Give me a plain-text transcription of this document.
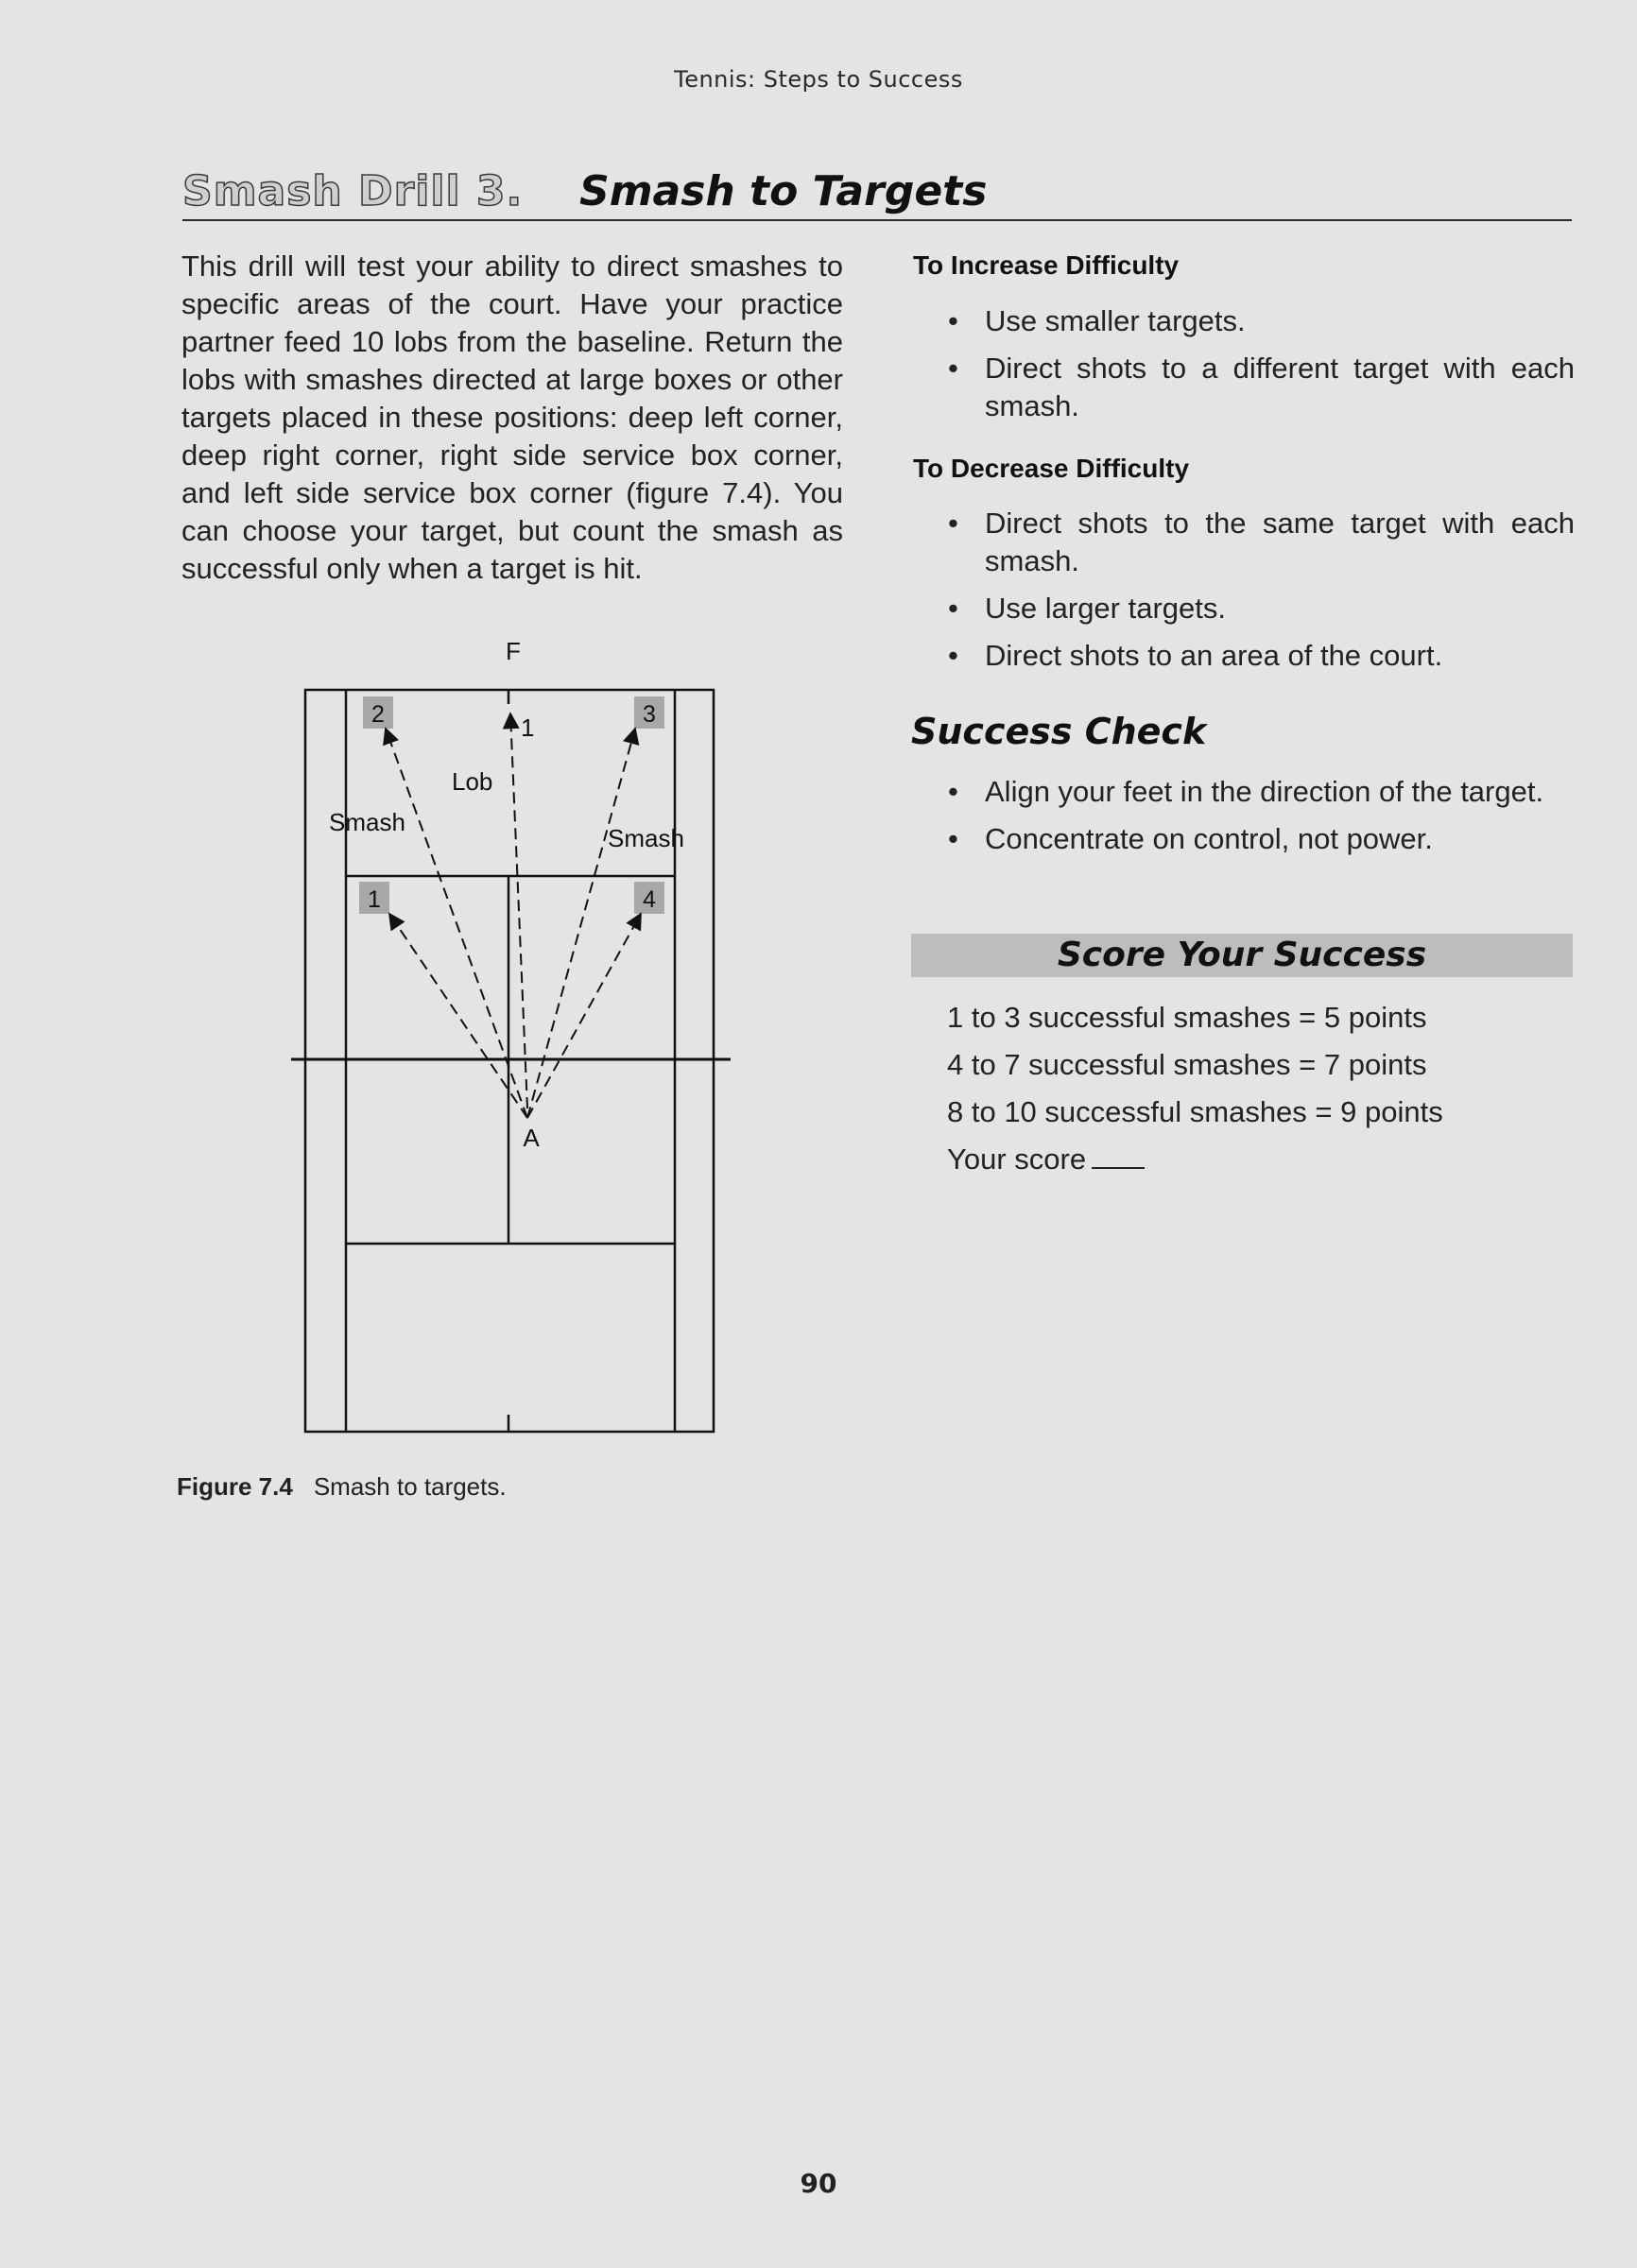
Tennis: Steps to Success
Smash Drill 3. Smash to Targets

This drill will test your ability to direct smashes to specific areas of the court. Have your practice partner feed 10 lobs from the baseline. Return the lobs with smashes directed at large boxes or other targets placed in these positions: deep left corner, deep right corner, right side service box corner, and left side service box corner (figure 7.4). You can choose your target, but count the smash as successful only when a target is hit.

2	3
1	4
F
1
Lob
Smash
Smash
A
Figure 7.4 Smash to targets.
To Increase Difficulty
• Use smaller targets.
• Direct shots to a different target with each smash.
To Decrease Difficulty
• Direct shots to the same target with each smash.
• Use larger targets.
• Direct shots to an area of the court.
Success Check
• Align your feet in the direction of the target.
• Concentrate on control, not power.
Score Your Success
1 to 3 successful smashes = 5 points
4 to 7 successful smashes = 7 points
8 to 10 successful smashes = 9 points
Your score
90
